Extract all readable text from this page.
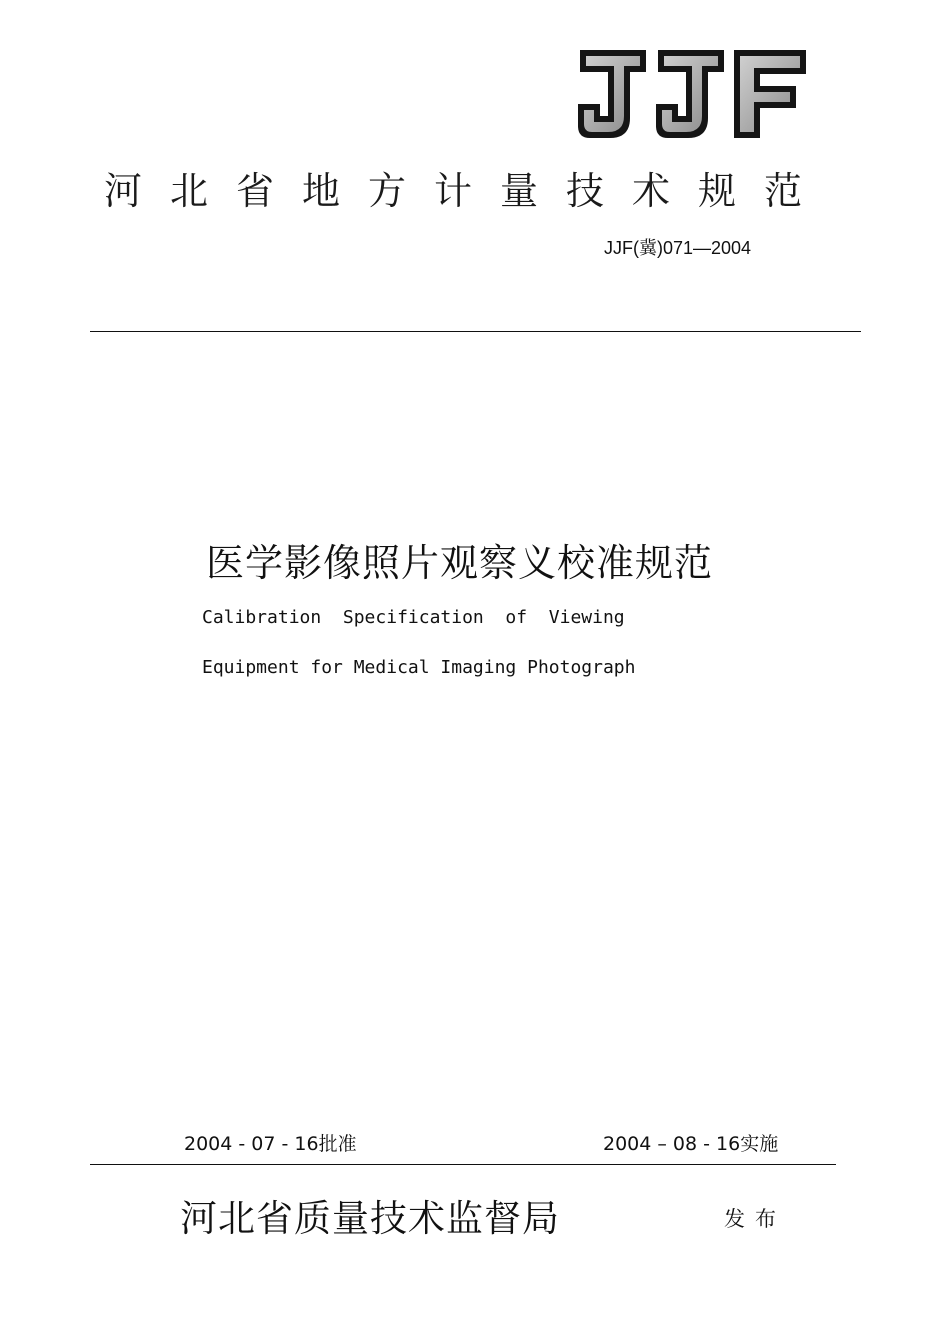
河北省地方计量技术规范
JJF(冀)071—2004
医学影像照片观察义校准规范
Calibration  Specification  of  Viewing
Equipment for Medical Imaging Photograph
2004 - 07 - 16批准	2004 – 08 - 16实施
河北省质量技术监督局	发布
